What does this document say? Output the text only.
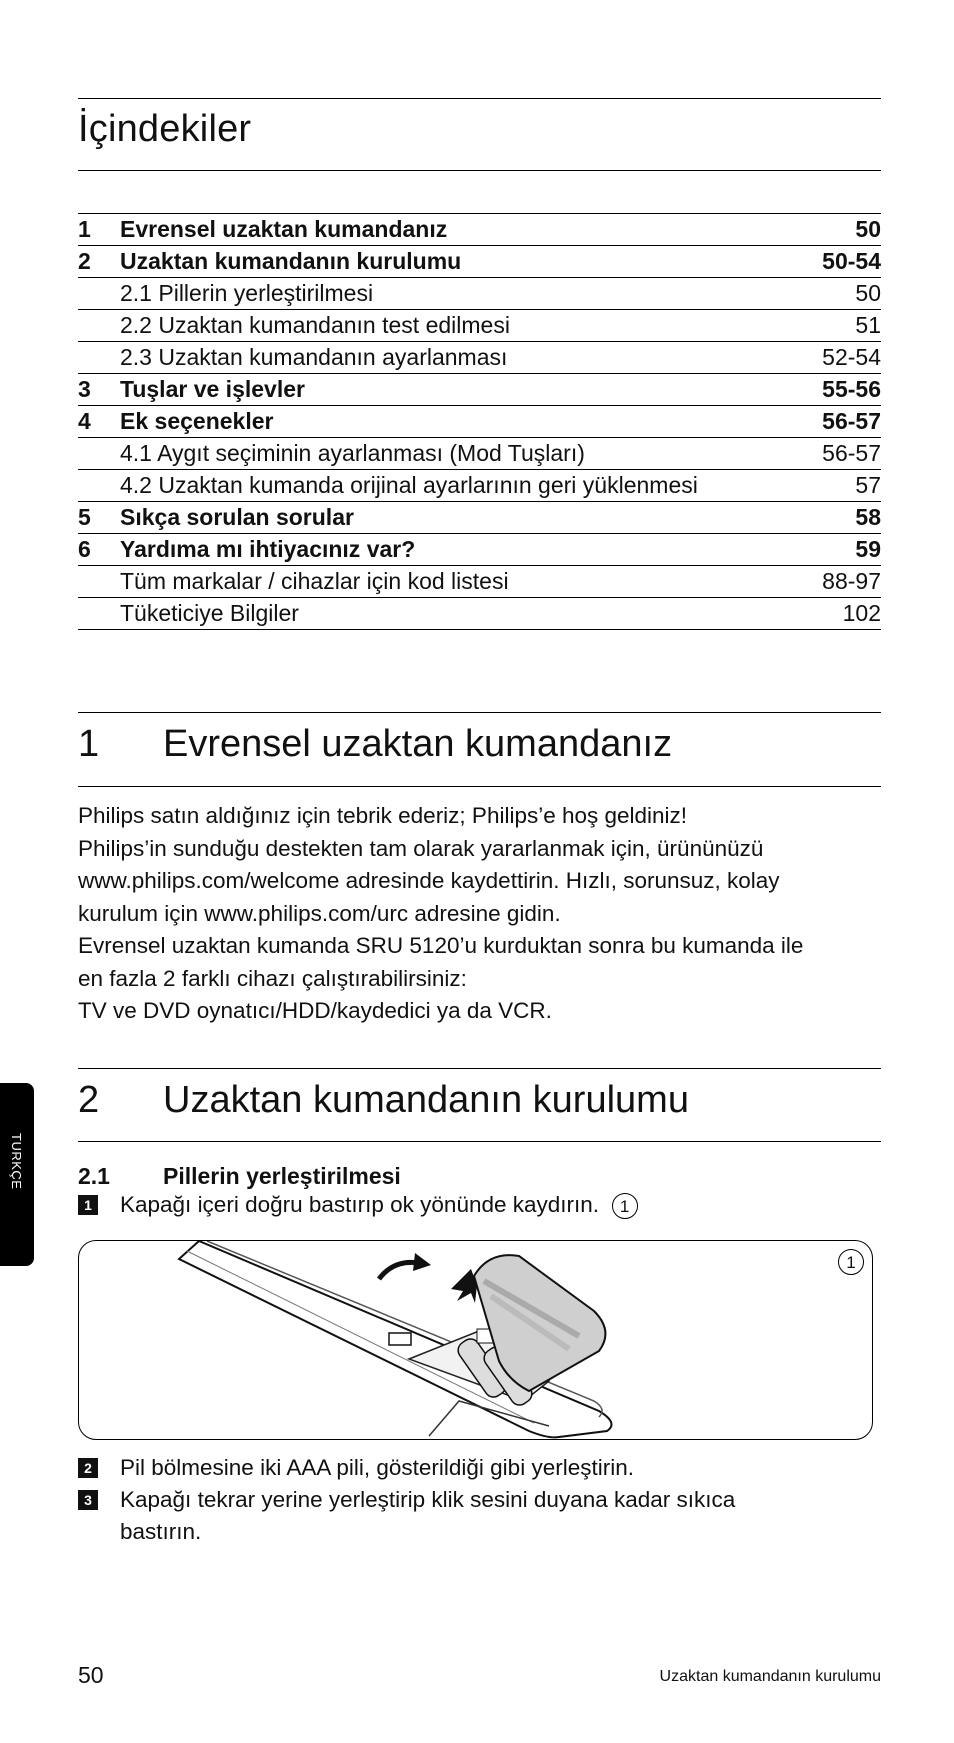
İçindekiler
1 Evrensel uzaktan kumandanız	50
2 Uzaktan kumandanın kurulumu	50-54
2.1 Pillerin yerleştirilmesi	50
2.2 Uzaktan kumandanın test edilmesi	51
2.3 Uzaktan kumandanın ayarlanması	52-54
3 Tuşlar ve işlevler	55-56
4 Ek seçenekler	56-57
4.1 Aygıt seçiminin ayarlanması (Mod Tuşları)	56-57
4.2 Uzaktan kumanda orijinal ayarlarının geri yüklenmesi	57
5 Sıkça sorulan sorular	58
6 Yardıma mı ihtiyacınız var?	59
Tüm markalar / cihazlar için kod listesi	88-97
Tüketiciye Bilgiler	102
1 Evrensel uzaktan kumandanız
Philips satın aldığınız için tebrik ederiz; Philips’e hoş geldiniz!
Philips’in sunduğu destekten tam olarak yararlanmak için, ürününüzü
www.philips.com/welcome adresinde kaydettirin. Hızlı, sorunsuz, kolay
kurulum için www.philips.com/urc adresine gidin.
Evrensel uzaktan kumanda SRU 5120’u kurduktan sonra bu kumanda ile
en fazla 2 farklı cihazı çalıştırabilirsiniz:
TV ve DVD oynatıcı/HDD/kaydedici ya da VCR.
2 Uzaktan kumandanın kurulumu
2.1 Pillerin yerleştirilmesi
1 Kapağı içeri doğru bastırıp ok yönünde kaydırın. 1
TURKÇE
1
2 Pil bölmesine iki AAA pili, gösterildiği gibi yerleştirin.
3 Kapağı tekrar yerine yerleştirip klik sesini duyana kadar sıkıca
bastırın.
50	Uzaktan kumandanın kurulumu
